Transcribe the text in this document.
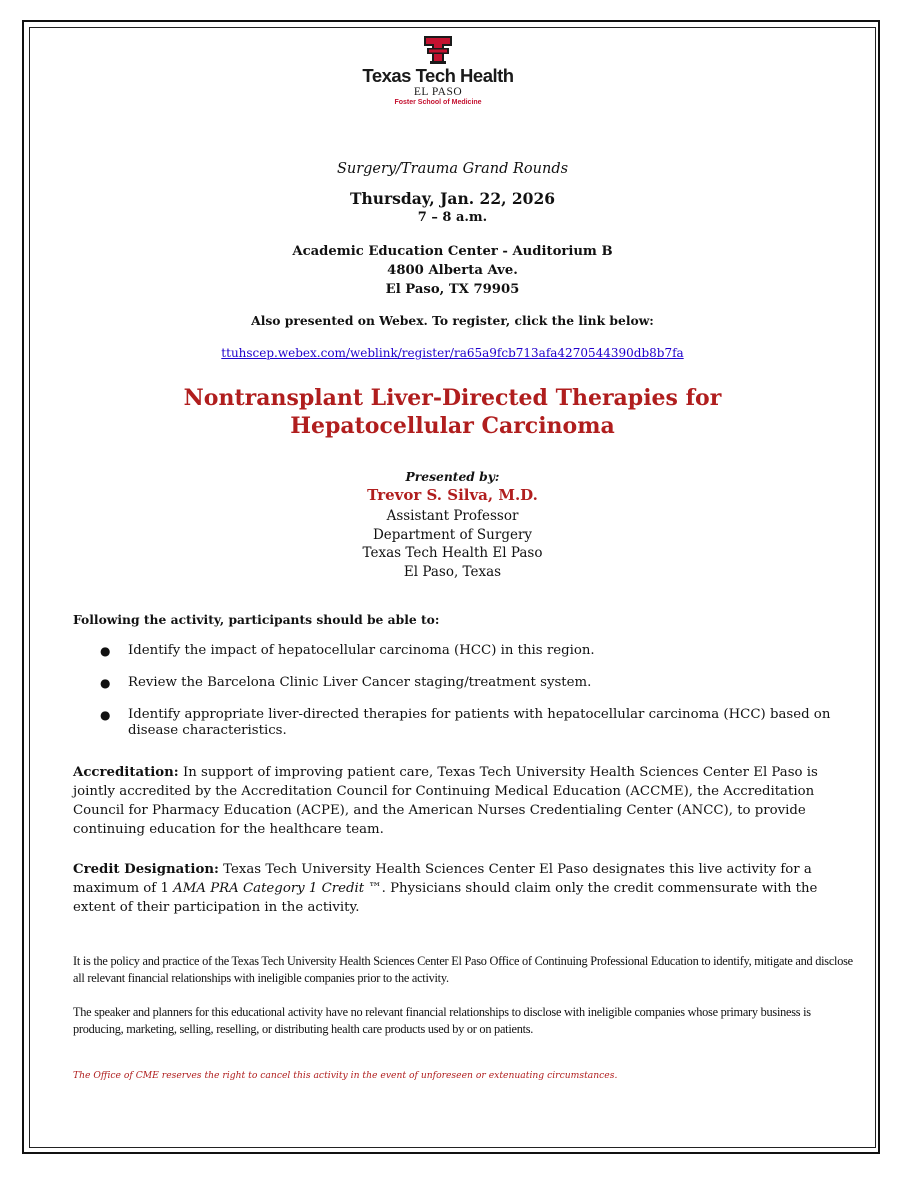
Texas Tech Health
EL PASO
Foster School of Medicine
Surgery/Trauma Grand Rounds
Thursday, Jan. 22, 2026
7 – 8 a.m.
Academic Education Center - Auditorium B
4800 Alberta Ave.
El Paso, TX 79905
Also presented on Webex. To register, click the link below:
ttuhscep.webex.com/weblink/register/ra65a9fcb713afa4270544390db8b7fa
Nontransplant Liver-Directed Therapies for
Hepatocellular Carcinoma
Presented by:
Trevor S. Silva, M.D.
Assistant Professor
Department of Surgery
Texas Tech Health El Paso
El Paso, Texas
Following the activity, participants should be able to:
● Identify the impact of hepatocellular carcinoma (HCC) in this region.
● Review the Barcelona Clinic Liver Cancer staging/treatment system.
● Identify appropriate liver-directed therapies for patients with hepatocellular carcinoma (HCC) based on disease characteristics.
Accreditation: In support of improving patient care, Texas Tech University Health Sciences Center El Paso is jointly accredited by the Accreditation Council for Continuing Medical Education (ACCME), the Accreditation Council for Pharmacy Education (ACPE), and the American Nurses Credentialing Center (ANCC), to provide continuing education for the healthcare team.
Credit Designation: Texas Tech University Health Sciences Center El Paso designates this live activity for a maximum of 1 AMA PRA Category 1 Credit ™. Physicians should claim only the credit commensurate with the extent of their participation in the activity.
It is the policy and practice of the Texas Tech University Health Sciences Center El Paso Office of Continuing Professional Education to identify, mitigate and disclose all relevant financial relationships with ineligible companies prior to the activity.
The speaker and planners for this educational activity have no relevant financial relationships to disclose with ineligible companies whose primary business is producing, marketing, selling, reselling, or distributing health care products used by or on patients.
The Office of CME reserves the right to cancel this activity in the event of unforeseen or extenuating circumstances.
